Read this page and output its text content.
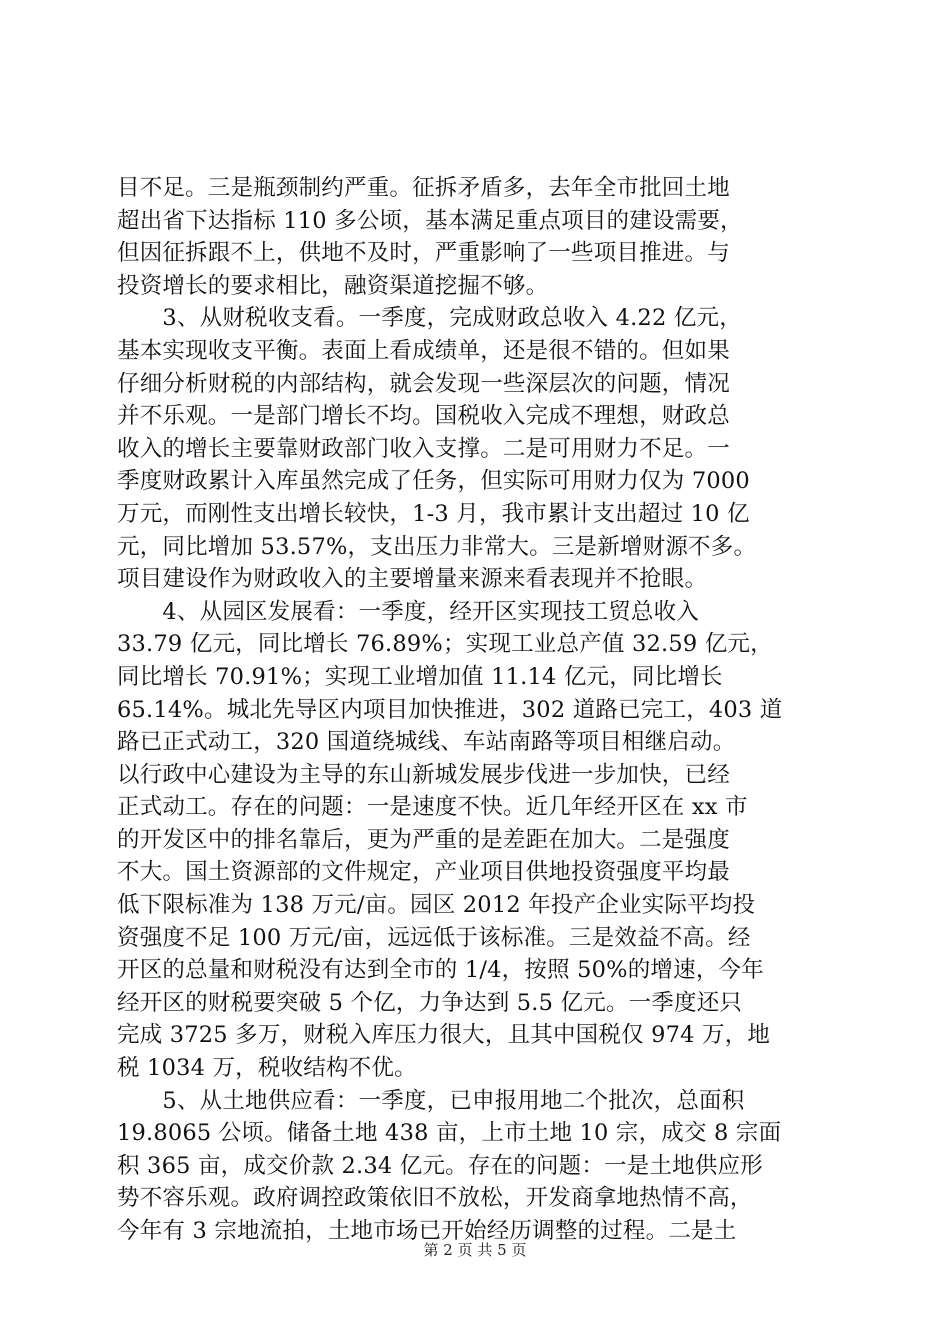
目不足。三是瓶颈制约严重。征拆矛盾多，去年全市批回土地
超出省下达指标 110 多公顷，基本满足重点项目的建设需要，
但因征拆跟不上，供地不及时，严重影响了一些项目推进。与
投资增长的要求相比，融资渠道挖掘不够。
　　3、从财税收支看。一季度，完成财政总收入 4.22 亿元，
基本实现收支平衡。表面上看成绩单，还是很不错的。但如果
仔细分析财税的内部结构，就会发现一些深层次的问题，情况
并不乐观。一是部门增长不均。国税收入完成不理想，财政总
收入的增长主要靠财政部门收入支撑。二是可用财力不足。一
季度财政累计入库虽然完成了任务，但实际可用财力仅为 7000
万元，而刚性支出增长较快，1-3 月，我市累计支出超过 10 亿
元，同比增加 53.57%，支出压力非常大。三是新增财源不多。
项目建设作为财政收入的主要增量来源来看表现并不抢眼。
　　4、从园区发展看：一季度，经开区实现技工贸总收入
33.79 亿元，同比增长 76.89%；实现工业总产值 32.59 亿元，
同比增长 70.91%；实现工业增加值 11.14 亿元，同比增长
65.14%。城北先导区内项目加快推进，302 道路已完工，403 道
路已正式动工，320 国道绕城线、车站南路等项目相继启动。
以行政中心建设为主导的东山新城发展步伐进一步加快，已经
正式动工。存在的问题：一是速度不快。近几年经开区在 xx 市
的开发区中的排名靠后，更为严重的是差距在加大。二是强度
不大。国土资源部的文件规定，产业项目供地投资强度平均最
低下限标准为 138 万元/亩。园区 2012 年投产企业实际平均投
资强度不足 100 万元/亩，远远低于该标准。三是效益不高。经
开区的总量和财税没有达到全市的 1/4，按照 50%的增速，今年
经开区的财税要突破 5 个亿，力争达到 5.5 亿元。一季度还只
完成 3725 多万，财税入库压力很大，且其中国税仅 974 万，地
税 1034 万，税收结构不优。
　　5、从土地供应看：一季度，已申报用地二个批次，总面积
19.8065 公顷。储备土地 438 亩，上市土地 10 宗，成交 8 宗面
积 365 亩，成交价款 2.34 亿元。存在的问题：一是土地供应形
势不容乐观。政府调控政策依旧不放松，开发商拿地热情不高，
今年有 3 宗地流拍，土地市场已开始经历调整的过程。二是土
第 2 页 共 5 页
